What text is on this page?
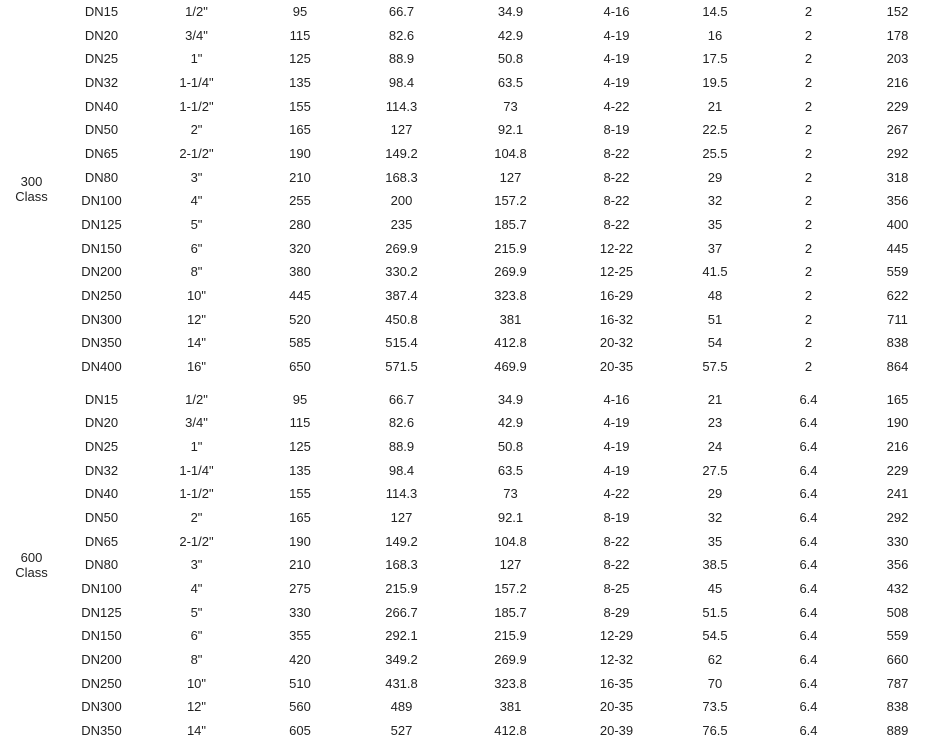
300
Class	DN15	1/2"	95	66.7	34.9	4-16	14.5	2	152
	DN20	3/4"	115	82.6	42.9	4-19	16	2	178
	DN25	1"	125	88.9	50.8	4-19	17.5	2	203
	DN32	1-1/4"	135	98.4	63.5	4-19	19.5	2	216
	DN40	1-1/2"	155	114.3	73	4-22	21	2	229
	DN50	2"	165	127	92.1	8-19	22.5	2	267
	DN65	2-1/2"	190	149.2	104.8	8-22	25.5	2	292
	DN80	3"	210	168.3	127	8-22	29	2	318
	DN100	4"	255	200	157.2	8-22	32	2	356
	DN125	5"	280	235	185.7	8-22	35	2	400
	DN150	6"	320	269.9	215.9	12-22	37	2	445
	DN200	8"	380	330.2	269.9	12-25	41.5	2	559
	DN250	10"	445	387.4	323.8	16-29	48	2	622
	DN300	12"	520	450.8	381	16-32	51	2	711
	DN350	14"	585	515.4	412.8	20-32	54	2	838
	DN400	16"	650	571.5	469.9	20-35	57.5	2	864

600
Class	DN15	1/2"	95	66.7	34.9	4-16	21	6.4	165
	DN20	3/4"	115	82.6	42.9	4-19	23	6.4	190
	DN25	1"	125	88.9	50.8	4-19	24	6.4	216
	DN32	1-1/4"	135	98.4	63.5	4-19	27.5	6.4	229
	DN40	1-1/2"	155	114.3	73	4-22	29	6.4	241
	DN50	2"	165	127	92.1	8-19	32	6.4	292
	DN65	2-1/2"	190	149.2	104.8	8-22	35	6.4	330
	DN80	3"	210	168.3	127	8-22	38.5	6.4	356
	DN100	4"	275	215.9	157.2	8-25	45	6.4	432
	DN125	5"	330	266.7	185.7	8-29	51.5	6.4	508
	DN150	6"	355	292.1	215.9	12-29	54.5	6.4	559
	DN200	8"	420	349.2	269.9	12-32	62	6.4	660
	DN250	10"	510	431.8	323.8	16-35	70	6.4	787
	DN300	12"	560	489	381	20-35	73.5	6.4	838
	DN350	14"	605	527	412.8	20-39	76.5	6.4	889
